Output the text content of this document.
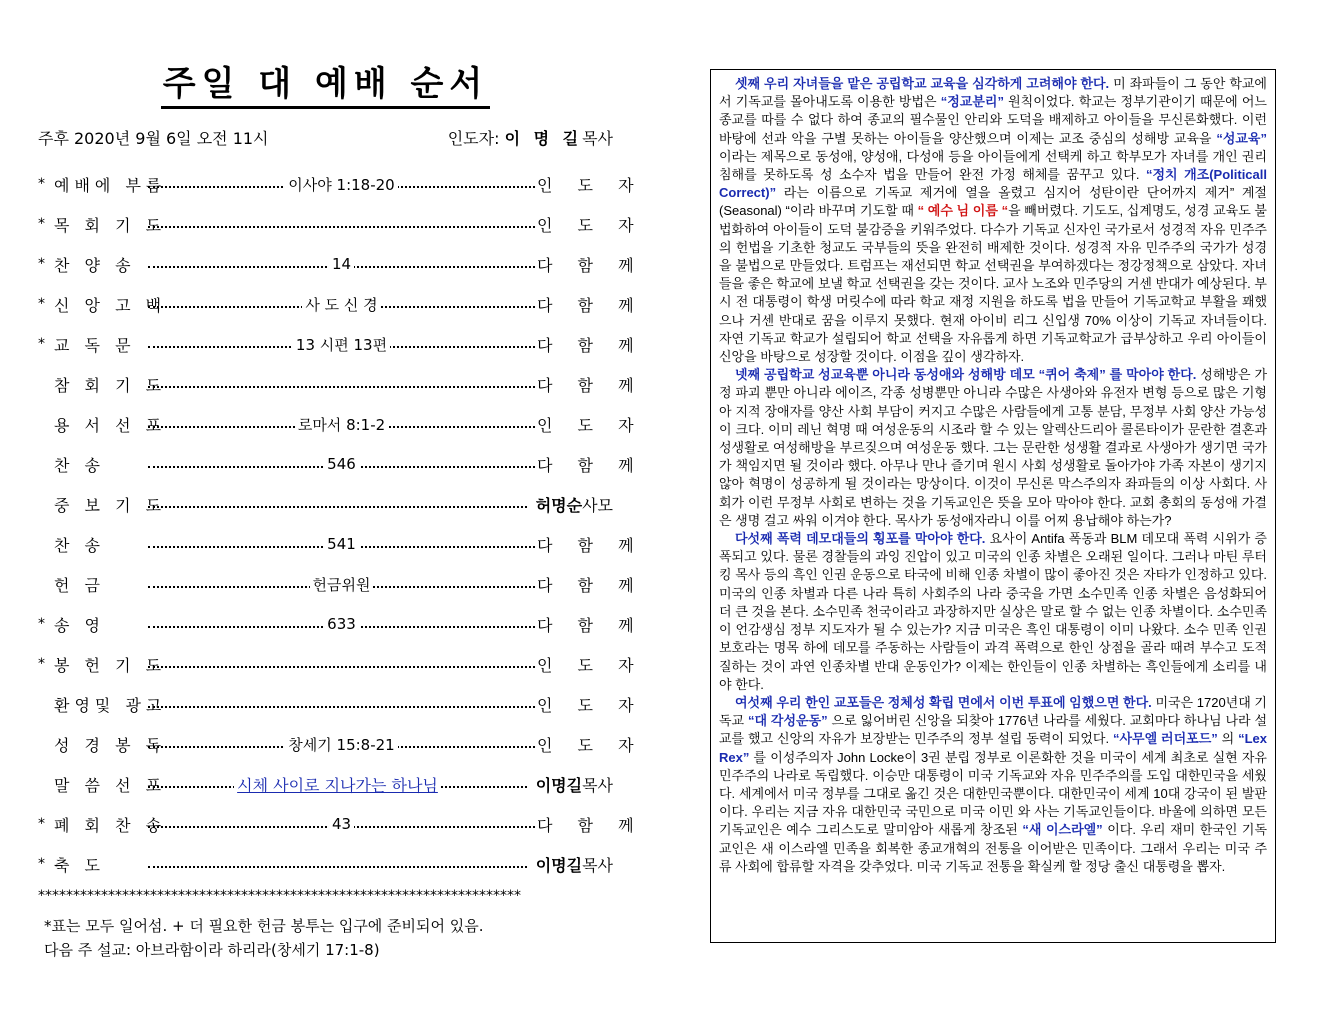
주일 대 예배 순서
주후 2020년 9월 6일 오전 11시	인도자: 이 명 길목사
* 예배에 부름	이사야 1:18-20	인 도 자
* 목 회 기 도	인 도 자
* 찬 양 송	14	다 함 께
* 신 앙 고 백	사 도 신 경	다 함 께
* 교 독 문	13 시편 13편	다 함 께
참 회 기 도	다 함 께
용 서 선 포	로마서 8:1-2	인 도 자
찬 송	546	다 함 께
중 보 기 도	허명순사모
찬 송	541	다 함 께
헌 금	헌금위원	다 함 께
* 송 영	633	다 함 께
* 봉 헌 기 도	인 도 자
환영및 광고	인 도 자
성 경 봉 독	창세기 15:8-21	인 도 자
말 씀 선 포	시체 사이로 지나가는 하나님	이명길목사
* 폐 회 찬 송	43	다 함 께
* 축 도	이명길목사
*********************************************************************
*표는 모두 일어섬. + 더 필요한 헌금 봉투는 입구에 준비되어 있음.
다음 주 설교: 아브라함이라 하리라(창세기 17:1-8)

셋째 우리 자녀들을 맡은 공립학교 교육을 심각하게 고려해야 한다. 미 좌파들이 그 동안 학교에서 기독교를 몰아내도록 이용한 방법은 “정교분리” 원칙이었다. 학교는 정부기관이기 때문에 어느 종교를 따를 수 없다 하여 종교의 필수물인 안리와 도덕을 배제하고 아이들을 무신론화했다. 이런 바탕에 선과 악을 구별 못하는 아이들을 양산했으며 이제는 교조 중심의 성해방 교육을 “성교육” 이라는 제목으로 동성애, 양성애, 다성애 등을 아이들에게 선택케 하고 학부모가 자녀를 개인 권리 침해를 못하도록 성 소수자 법을 만들어 완전 가정 해체를 꿈꾸고 있다. “정치 개조(Politicall Correct)” 라는 이름으로 기독교 제거에 열을 올렸고 심지어 성탄이란 단어까지 제거” 계절(Seasonal) “이라 바꾸며 기도할 때 “ 예수 님 이름 “을 빼버렸다. 기도도, 십계명도, 성경 교육도 불법화하여 아이들이 도덕 불감증을 키워주었다. 다수가 기독교 신자인 국가로서 성경적 자유 민주주의 헌법을 기초한 청교도 국부들의 뜻을 완전히 배제한 것이다. 성경적 자유 민주주의 국가가 성경을 불법으로 만들었다. 트럼프는 재선되면 학교 선택권을 부여하겠다는 정강정책으로 삼았다. 자녀들을 좋은 학교에 보낼 학교 선택권을 갖는 것이다. 교사 노조와 민주당의 거센 반대가 예상된다. 부시 전 대통령이 학생 머릿수에 따라 학교 재정 지원을 하도록 법을 만들어 기독교학교 부활을 꽤했으나 거센 반대로 꿈을 이루지 못했다. 현재 아이비 리그 신입생 70% 이상이 기독교 자녀들이다. 자연 기독교 학교가 설립되어 학교 선택을 자유롭게 하면 기독교학교가 급부상하고 우리 아이들이 신앙을 바탕으로 성장할 것이다. 이점을 깊이 생각하자.

넷째 공립학교 성교육뿐 아니라 동성애와 성해방 데모 “퀴어 축제” 를 막아야 한다. 성해방은 가정 파괴 뿐만 아니라 에이즈, 각종 성병뿐만 아니라 수많은 사생아와 유전자 변형 등으로 많은 기형아 지적 장애자를 양산 사회 부담이 커지고 수많은 사람들에게 고통 분담, 무정부 사회 양산 가능성이 크다. 이미 레닌 혁명 때 여성운동의 시조라 할 수 있는 알렉산드리아 콜론타이가 문란한 결혼과 성생활로 여성해방을 부르짖으며 여성운동 했다. 그는 문란한 성생활 결과로 사생아가 생기면 국가가 책임지면 될 것이라 했다. 아무나 만나 즐기며 원시 사회 성생활로 돌아가야 가족 자본이 생기지 않아 혁명이 성공하게 될 것이라는 망상이다. 이것이 무신론 막스주의자 좌파들의 이상 사회다. 사회가 이런 무정부 사회로 변하는 것을 기독교인은 뜻을 모아 막아야 한다. 교회 총회의 동성애 가결은 생명 걸고 싸워 이겨야 한다. 목사가 동성애자라니 이를 어찌 용납해야 하는가?

다섯째 폭력 데모대들의 횡포를 막아야 한다. 요사이 Antifa 폭동과 BLM 데모대 폭력 시위가 증폭되고 있다. 물론 경찰들의 과잉 진압이 있고 미국의 인종 차별은 오래된 일이다. 그러나 마틴 루터 킹 목사 등의 흑인 인권 운동으로 타국에 비해 인종 차별이 많이 좋아진 것은 자타가 인정하고 있다. 미국의 인종 차별과 다른 나라 특히 사회주의 나라 중국을 가면 소수민족 인종 차별은 음성화되어 더 큰 것을 본다. 소수민족 천국이라고 과장하지만 실상은 말로 할 수 없는 인종 차별이다. 소수민족이 언감생심 정부 지도자가 될 수 있는가? 지금 미국은 흑인 대통령이 이미 나왔다. 소수 민족 인권 보호라는 명목 하에 데모를 주동하는 사람들이 과격 폭력으로 한인 상점을 골라 때려 부수고 도적질하는 것이 과연 인종차별 반대 운동인가? 이제는 한인들이 인종 차별하는 흑인들에게 소리를 내야 한다.

여섯째 우리 한인 교포들은 정체성 확립 면에서 이번 투표에 임했으면 한다. 미국은 1720년대 기독교 “대 각성운동” 으로 잃어버린 신앙을 되찾아 1776년 나라를 세웠다. 교회마다 하나님 나라 설교를 했고 신앙의 자유가 보장받는 민주주의 정부 설립 동력이 되었다. “사무엘 러더포드” 의 “Lex Rex” 를 이성주의자 John Locke이 3권 분립 정부로 이론화한 것을 미국이 세계 최초로 실현 자유 민주주의 나라로 독립했다. 이승만 대통령이 미국 기독교와 자유 민주주의를 도입 대한민국을 세웠다. 세계에서 미국 정부를 그대로 옮긴 것은 대한민국뿐이다. 대한민국이 세계 10대 강국이 된 발판이다. 우리는 지금 자유 대한민국 국민으로 미국 이민 와 사는 기독교인들이다. 바울에 의하면 모든 기독교인은 예수 그리스도로 말미암아 새롭게 창조된 “새 이스라엘” 이다. 우리 재미 한국인 기독교인은 새 이스라엘 민족을 회복한 종교개혁의 전통을 이어받은 민족이다. 그래서 우리는 미국 주류 사회에 합류할 자격을 갖추었다. 미국 기독교 전통을 확실케 할 정당 출신 대통령을 뽑자.
